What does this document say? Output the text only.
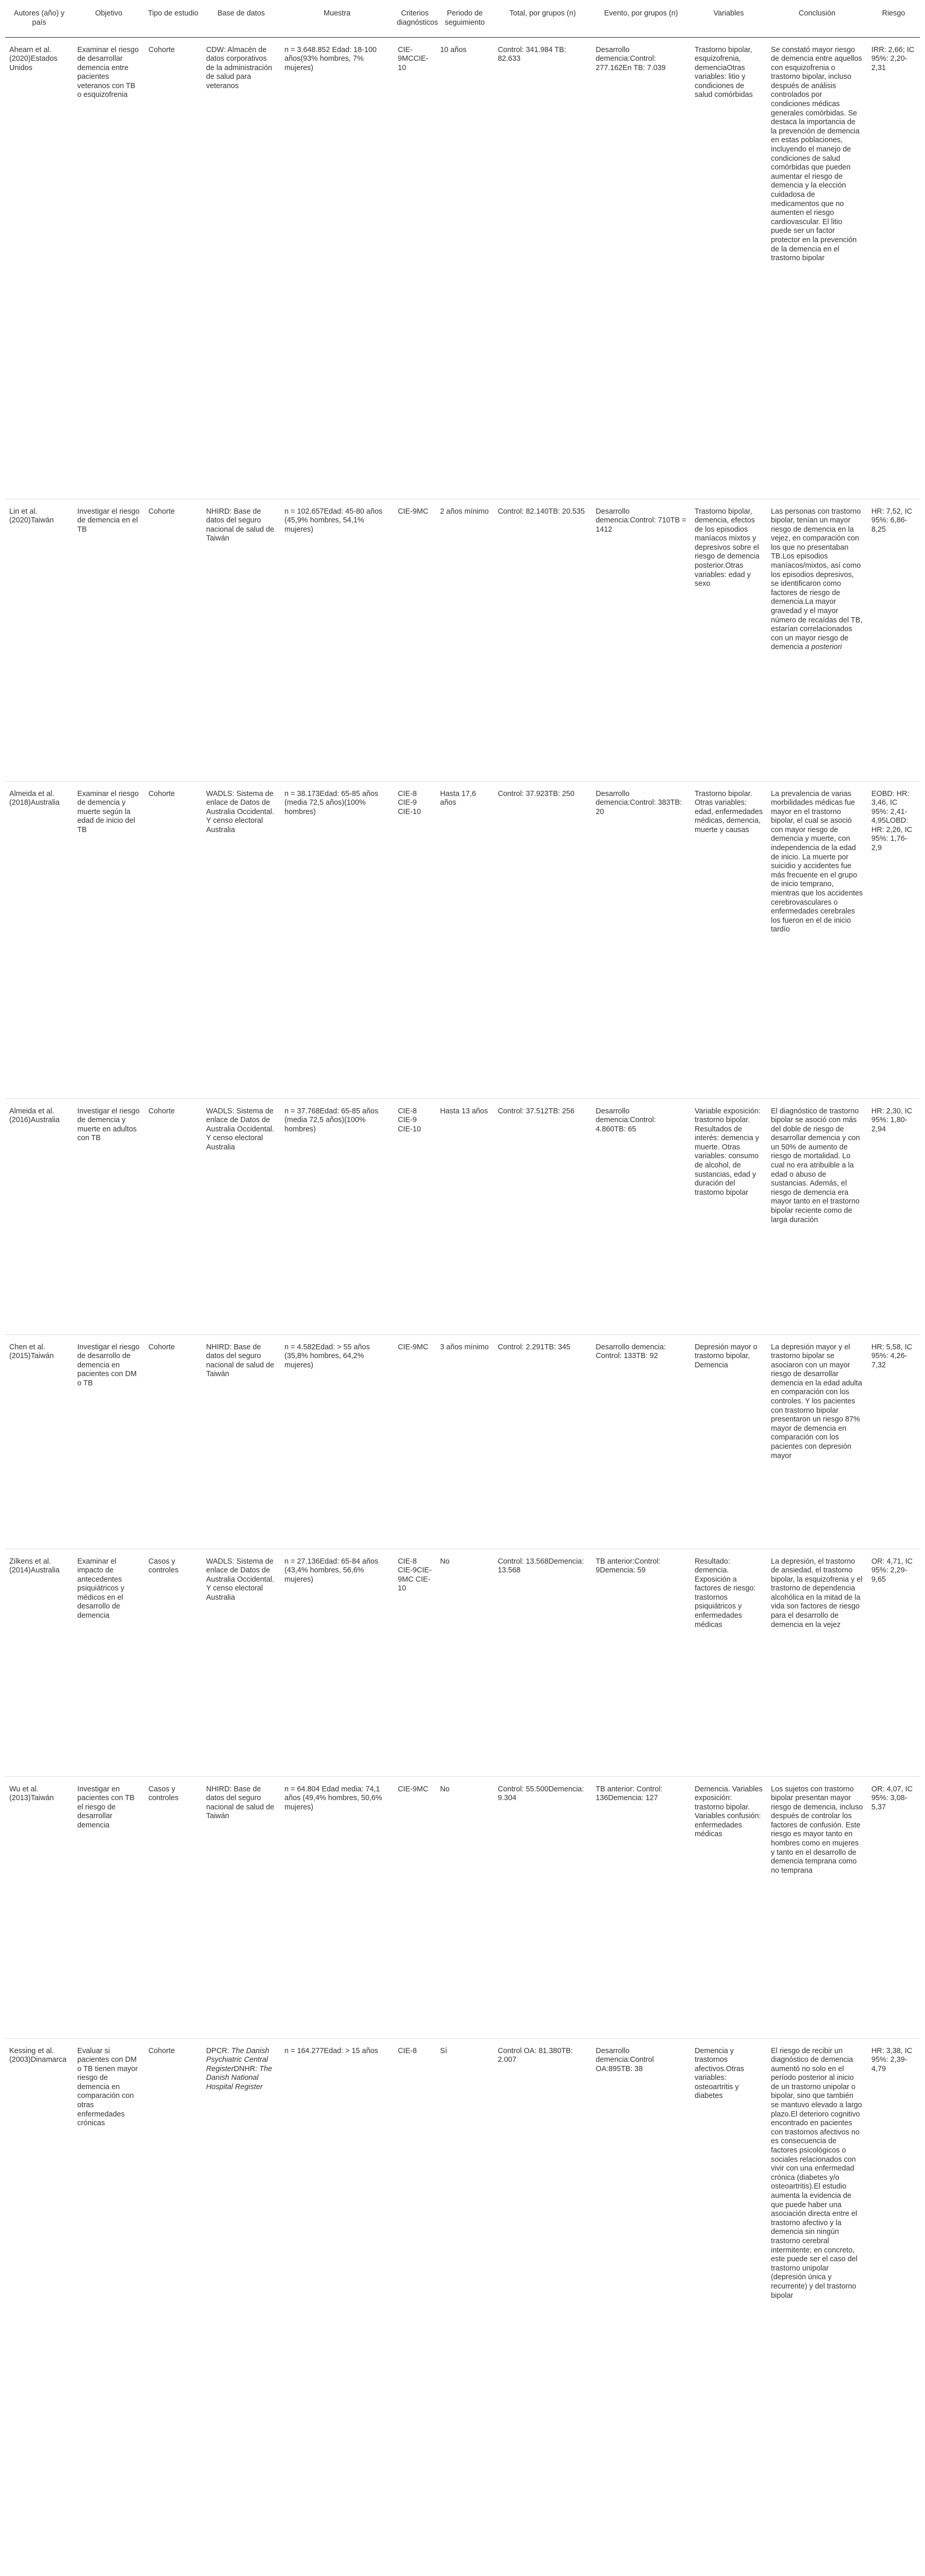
Autores (año) y país	Objetivo	Tipo de estudio	Base de datos	Muestra	Criterios diagnósticos	Periodo de seguimiento	Total, por grupos (n)	Evento, por grupos (n)	Variables	Conclusión	Riesgo
Ahearn et al. (2020)Estados Unidos	Examinar el riesgo de desarrollar demencia entre pacientes veteranos con TB o esquizofrenia	Cohorte	CDW: Almacén de datos corporativos de la administración de salud para veteranos	n = 3.648.852 Edad: 18-100 años(93% hombres, 7% mujeres)	CIE-9MCCIE-10	10 años	Control: 341.984 TB: 82.633	Desarrollo demencia:Control: 277.162En TB: 7.039	Trastorno bipolar, esquizofrenia, demenciaOtras variables: litio y condiciones de salud comórbidas	Se constató mayor riesgo de demencia entre aquellos con esquizofrenia o trastorno bipolar, incluso después de análisis controlados por condiciones médicas generales comórbidas. Se destaca la importancia de la prevención de demencia en estas poblaciones, incluyendo el manejo de condiciones de salud comórbidas que pueden aumentar el riesgo de demencia y la elección cuidadosa de medicamentos que no aumenten el riesgo cardiovascular. El litio puede ser un factor protector en la prevención de la demencia en el trastorno bipolar	IRR: 2,66; IC 95%: 2,20-2,31
Lin et al. (2020)Taiwán	Investigar el riesgo de demencia en el TB	Cohorte	NHIRD: Base de datos del seguro nacional de salud de Taiwán	n = 102.657Edad: 45-80 años (45,9% hombres, 54,1% mujeres)	CIE-9MC	2 años mínimo	Control: 82.140TB: 20.535	Desarrollo demencia:Control: 710TB = 1412	Trastorno bipolar, demencia, efectos de los episodios maníacos mixtos y depresivos sobre el riesgo de demencia posterior.Otras variables: edad y sexo	Las personas con trastorno bipolar, tenían un mayor riesgo de demencia en la vejez, en comparación con los que no presentaban TB.Los episodios maníacos/mixtos, así como los episodios depresivos, se identificaron como factores de riesgo de demencia.La mayor gravedad y el mayor número de recaídas del TB, estarían correlacionados con un mayor riesgo de demencia a posteriori	HR: 7,52, IC 95%: 6,86-8,25
Almeida et al. (2018)Australia	Examinar el riesgo de demencia y muerte según la edad de inicio del TB	Cohorte	WADLS: Sistema de enlace de Datos de Australia Occidental. Y censo electoral Australia	n = 38.173Edad: 65-85 años (media 72,5 años)(100% hombres)	CIE-8 CIE-9 CIE-10	Hasta 17,6 años	Control: 37.923TB: 250	Desarrollo demencia:Control: 383TB: 20	Trastorno bipolar. Otras variables: edad, enfermedades médicas, demencia, muerte y causas	La prevalencia de varias morbilidades médicas fue mayor en el trastorno bipolar, el cual se asoció con mayor riesgo de demencia y muerte, con independencia de la edad de inicio. La muerte por suicidio y accidentes fue más frecuente en el grupo de inicio temprano, mientras que los accidentes cerebrovasculares o enfermedades cerebrales los fueron en el de inicio tardío	EOBD: HR: 3,46, IC 95%: 2,41-4,95LOBD: HR: 2,26, IC 95%: 1,76-2,9
Almeida et al. (2016)Australia	Investigar el riesgo de demencia y muerte en adultos con TB	Cohorte	WADLS: Sistema de enlace de Datos de Australia Occidental. Y censo electoral Australia	n = 37.768Edad: 65-85 años (media 72,5 años)(100% hombres)	CIE-8 CIE-9 CIE-10	Hasta 13 años	Control: 37.512TB: 256	Desarrollo demencia:Control: 4.860TB: 65	Variable exposición: trastorno bipolar. Resultados de interés: demencia y muerte. Otras variables: consumo de alcohol, de sustancias, edad y duración del trastorno bipolar	El diagnóstico de trastorno bipolar se asoció con más del doble de riesgo de desarrollar demencia y con un 50% de aumento de riesgo de mortalidad. Lo cual no era atribuible a la edad o abuso de sustancias. Además, el riesgo de demencia era mayor tanto en el trastorno bipolar reciente como de larga duración	HR: 2,30, IC 95%: 1,80-2,94
Chen et al. (2015)Taiwán	Investigar el riesgo de desarrollo de demencia en pacientes con DM o TB	Cohorte	NHIRD: Base de datos del seguro nacional de salud de Taiwán	n = 4.582Edad: > 55 años (35,8% hombres, 64,2% mujeres)	CIE-9MC	3 años mínimo	Control: 2.291TB: 345	Desarrollo demencia: Control: 133TB: 92	Depresión mayor o trastorno bipolar, Demencia	La depresión mayor y el trastorno bipolar se asociaron con un mayor riesgo de desarrollar demencia en la edad adulta en comparación con los controles. Y los pacientes con trastorno bipolar presentaron un riesgo 87% mayor de demencia en comparación con los pacientes con depresión mayor	HR: 5,58, IC 95%: 4,26-7,32
Zilkens et al. (2014)Australia	Examinar el impacto de antecedentes psiquiátricos y médicos en el desarrollo de demencia	Casos y controles	WADLS: Sistema de enlace de Datos de Australia Occidental. Y censo electoral Australia	n = 27.136Edad: 65-84 años (43,4% hombres, 56,6% mujeres)	CIE-8 CIE-9CIE-9MC CIE-10	No	Control: 13.568Demencia: 13.568	TB anterior:Control: 9Demencia: 59	Resultado: demencia. Exposición a factores de riesgo: trastornos psiquiátricos y enfermedades médicas	La depresión, el trastorno de ansiedad, el trastorno bipolar, la esquizofrenia y el trastorno de dependencia alcohólica en la mitad de la vida son factores de riesgo para el desarrollo de demencia en la vejez	OR: 4,71, IC 95%: 2,29-9,65
Wu et al. (2013)Taiwán	Investigar en pacientes con TB el riesgo de desarrollar demencia	Casos y controles	NHIRD: Base de datos del seguro nacional de salud de Taiwán	n = 64.804 Edad media: 74,1 años (49,4% hombres, 50,6% mujeres)	CIE-9MC	No	Control: 55.500Demencia: 9.304	TB anterior: Control: 136Demencia: 127	Demencia. Variables exposición: trastorno bipolar. Variables confusión: enfermedades médicas	Los sujetos con trastorno bipolar presentan mayor riesgo de demencia, incluso después de controlar los factores de confusión. Este riesgo es mayor tanto en hombres como en mujeres y tanto en el desarrollo de demencia temprana como no temprana	OR: 4,07, IC 95%: 3,08-5,37
Kessing et al. (2003)Dinamarca	Evaluar si pacientes con DM o TB tienen mayor riesgo de demencia en comparación con otras enfermedades crónicas	Cohorte	DPCR: The Danish Psychiatric Central RegisterDNHR: The Danish National Hospital Register	n = 164.277Edad: > 15 años	CIE-8	Sí	Control OA: 81.380TB: 2.007	Desarrollo demencia:Control OA:895TB: 38	Demencia y trastornos afectivos.Otras variables: osteoartritis y diabetes	El riesgo de recibir un diagnóstico de demencia aumentó no solo en el período posterior al inicio de un trastorno unipolar o bipolar, sino que también se mantuvo elevado a largo plazo.El deterioro cognitivo encontrado en pacientes con trastornos afectivos no es consecuencia de factores psicológicos o sociales relacionados con vivir con una enfermedad crónica (diabetes y/o osteoartritis).El estudio aumenta la evidencia de que puede haber una asociación directa entre el trastorno afectivo y la demencia sin ningún trastorno cerebral intermitente; en concreto, este puede ser el caso del trastorno unipolar (depresión única y recurrente) y del trastorno bipolar	HR: 3,38, IC 95%: 2,39-4,79
